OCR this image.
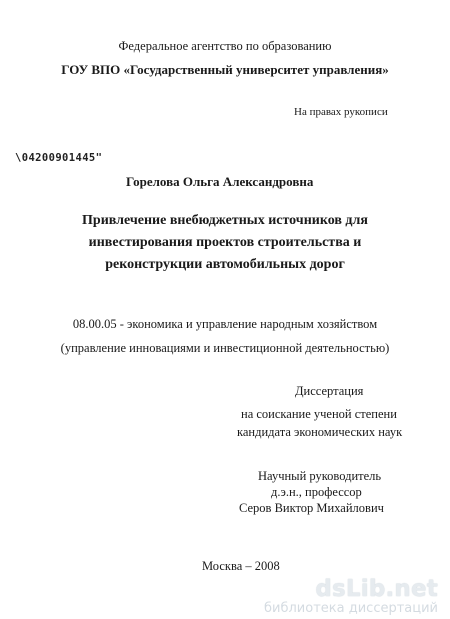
Федеральное агентство по образованию
ГОУ ВПО «Государственный университет управления»
На правах рукописи
\04200901445"
Горелова Ольга Александровна
Привлечение внебюджетных источников для
инвестирования проектов строительства и
реконструкции автомобильных дорог
08.00.05 - экономика и управление народным хозяйством
(управление инновациями и инвестиционной деятельностью)
Диссертация
на соискание ученой степени
кандидата экономических наук
Научный руководитель
д.э.н., профессор
Серов Виктор Михайлович
Москва – 2008
dsLib.net
библиотека диссертаций
